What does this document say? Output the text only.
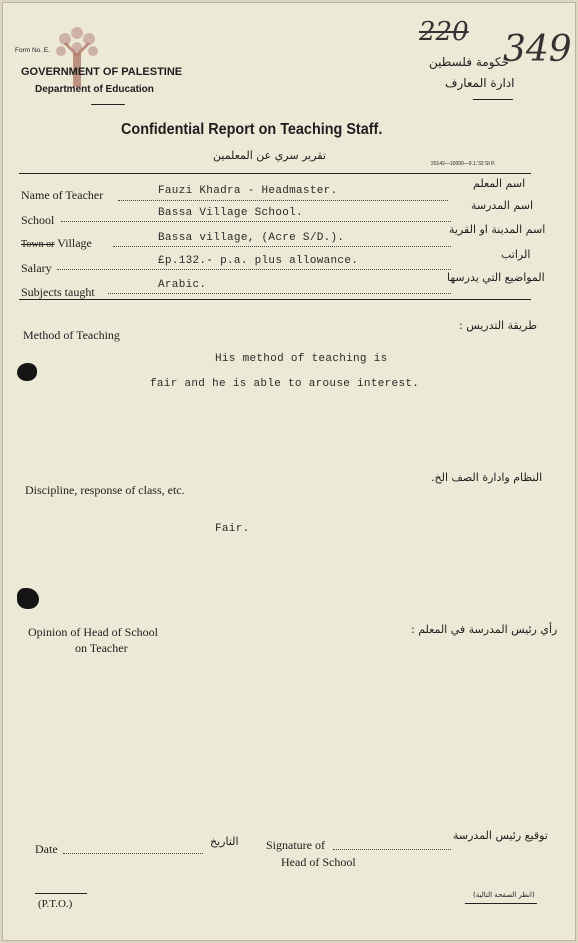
Form No. E.
GOVERNMENT OF PALESTINE
Department of Education
220 349
حكومة فلسطين
ادارة المعارف
Confidential Report on Teaching Staff.
تقرير سري عن المعلمين
20142—10000—9.1.'32 St P.
Name of Teacher	Fauzi Khadra - Headmaster.
اسم المعلم
School	Bassa Village School.
اسم المدرسة
Town or Village	Bassa village, (Acre S/D.).
اسم المدينة او القرية
Salary	£p.132.- p.a. plus allowance.	الراتب
Subjects taught	Arabic.
المواضيع التي يدرسها
Method of Teaching
طريقة التدريس :
His method of teaching is
fair and he is able to arouse interest.
Discipline, response of class, etc.
النظام وادارة الصف الخ.
Fair.
Opinion of Head of School
on Teacher
رأي رئيس المدرسة في المعلم :
Date
التاريخ Signature of
Head of School
توقيع رئيس المدرسة
(P.T.O.)
(انظر الصفحة التالية)
